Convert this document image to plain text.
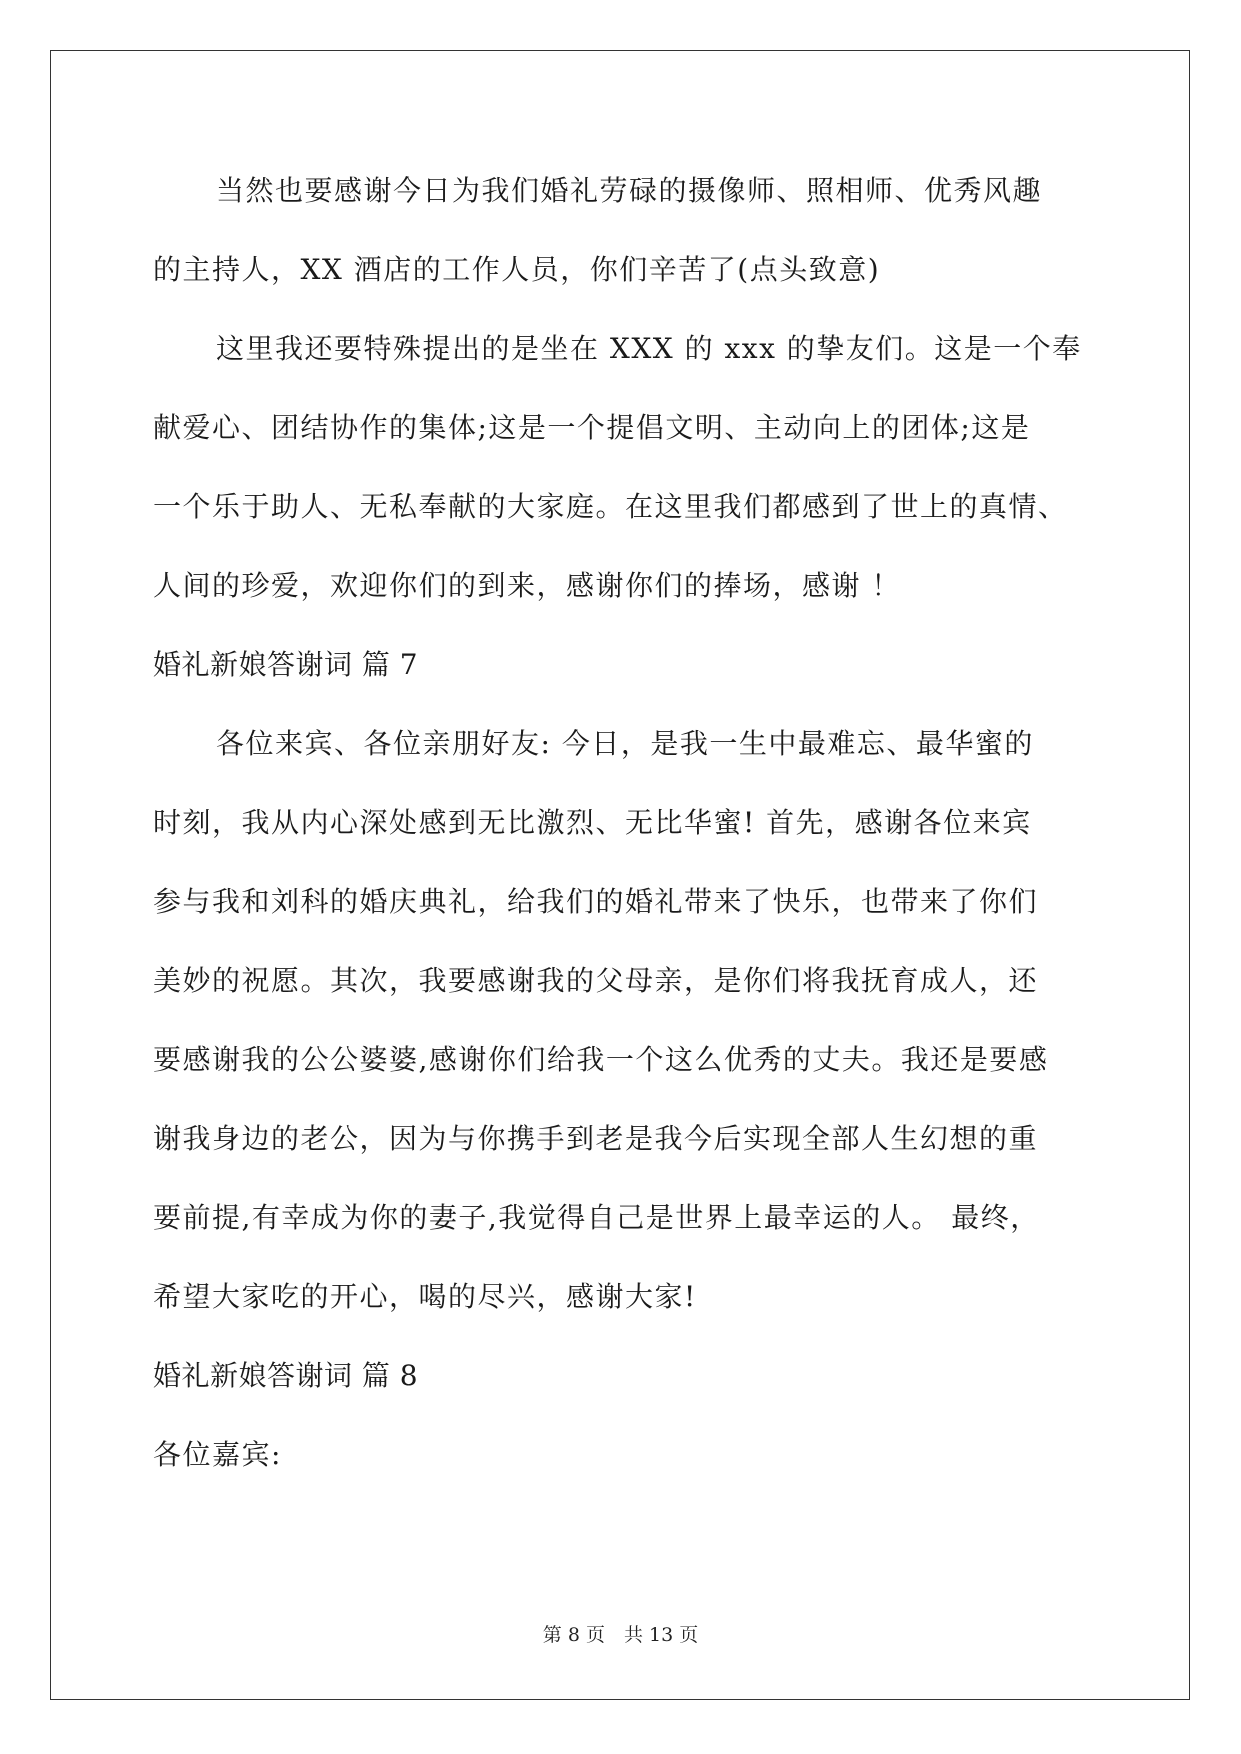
当然也要感谢今日为我们婚礼劳碌的摄像师、照相师、优秀风趣
的主持人，XX 酒店的工作人员，你们辛苦了(点头致意)
这里我还要特殊提出的是坐在 XXX 的 xxx 的挚友们。这是一个奉
献爱心、团结协作的集体;这是一个提倡文明、主动向上的团体;这是
一个乐于助人、无私奉献的大家庭。在这里我们都感到了世上的真情、
人间的珍爱，欢迎你们的到来，感谢你们的捧场，感谢 ！
婚礼新娘答谢词 篇 7
各位来宾、各位亲朋好友: 今日，是我一生中最难忘、最华蜜的
时刻，我从内心深处感到无比激烈、无比华蜜! 首先，感谢各位来宾
参与我和刘科的婚庆典礼，给我们的婚礼带来了快乐，也带来了你们
美妙的祝愿。其次，我要感谢我的父母亲，是你们将我抚育成人，还
要感谢我的公公婆婆,感谢你们给我一个这么优秀的丈夫。我还是要感
谢我身边的老公，因为与你携手到老是我今后实现全部人生幻想的重
要前提,有幸成为你的妻子,我觉得自己是世界上最幸运的人。 最终，
希望大家吃的开心，喝的尽兴，感谢大家!
婚礼新娘答谢词 篇 8
各位嘉宾:
第 8 页　共 13 页
